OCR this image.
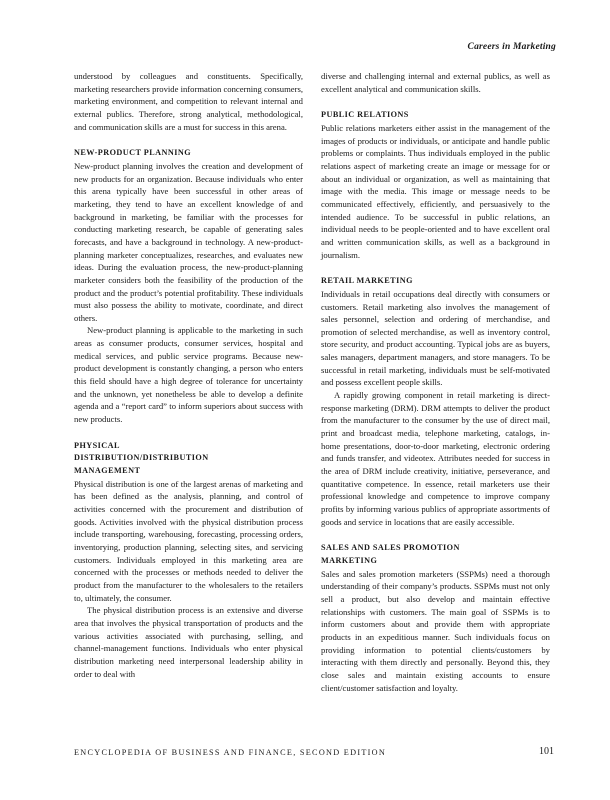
Careers in Marketing

understood by colleagues and constituents. Specifically, marketing researchers provide information concerning consumers, marketing environment, and competition to relevant internal and external publics. Therefore, strong analytical, methodological, and communication skills are a must for success in this arena.

NEW-PRODUCT PLANNING

New-product planning involves the creation and development of new products for an organization. Because individuals who enter this arena typically have been successful in other areas of marketing, they tend to have an excellent knowledge of and background in marketing, be familiar with the processes for conducting marketing research, be capable of generating sales forecasts, and have a background in technology. A new-product-planning marketer conceptualizes, researches, and evaluates new ideas. During the evaluation process, the new-product-planning marketer considers both the feasibility of the production of the product and the product’s potential profitability. These individuals must also possess the ability to motivate, coordinate, and direct others.

New-product planning is applicable to the marketing in such areas as consumer products, consumer services, hospital and medical services, and public service programs. Because new-product development is constantly changing, a person who enters this field should have a high degree of tolerance for uncertainty and the unknown, yet nonetheless be able to develop a definite agenda and a “report card” to inform superiors about success with new products.

PHYSICAL

DISTRIBUTION/DISTRIBUTION

MANAGEMENT

Physical distribution is one of the largest arenas of marketing and has been defined as the analysis, planning, and control of activities concerned with the procurement and distribution of goods. Activities involved with the physical distribution process include transporting, warehousing, forecasting, processing orders, inventorying, production planning, selecting sites, and servicing customers. Individuals employed in this marketing area are concerned with the processes or methods needed to deliver the product from the manufacturer to the wholesalers to the retailers to, ultimately, the consumer.

The physical distribution process is an extensive and diverse area that involves the physical transportation of products and the various activities associated with purchasing, selling, and channel-management functions. Individuals who enter physical distribution marketing need interpersonal leadership ability in order to deal with

diverse and challenging internal and external publics, as well as excellent analytical and communication skills.

PUBLIC RELATIONS

Public relations marketers either assist in the management of the images of products or individuals, or anticipate and handle public problems or complaints. Thus individuals employed in the public relations aspect of marketing create an image or message for or about an individual or organization, as well as maintaining that image with the media. This image or message needs to be communicated effectively, efficiently, and persuasively to the intended audience. To be successful in public relations, an individual needs to be people-oriented and to have excellent oral and written communication skills, as well as a background in journalism.

RETAIL MARKETING

Individuals in retail occupations deal directly with consumers or customers. Retail marketing also involves the management of sales personnel, selection and ordering of merchandise, and promotion of selected merchandise, as well as inventory control, store security, and product accounting. Typical jobs are as buyers, sales managers, department managers, and store managers. To be successful in retail marketing, individuals must be self-motivated and possess excellent people skills.

A rapidly growing component in retail marketing is direct-response marketing (DRM). DRM attempts to deliver the product from the manufacturer to the consumer by the use of direct mail, print and broadcast media, telephone marketing, catalogs, in-home presentations, door-to-door marketing, electronic ordering and funds transfer, and videotex. Attributes needed for success in the area of DRM include creativity, initiative, perseverance, and quantitative competence. In essence, retail marketers use their professional knowledge and competence to improve company profits by informing various publics of appropriate assortments of goods and service in locations that are easily accessible.

SALES AND SALES PROMOTION

MARKETING

Sales and sales promotion marketers (SSPMs) need a thorough understanding of their company’s products. SSPMs must not only sell a product, but also develop and maintain effective relationships with customers. The main goal of SSPMs is to inform customers about and provide them with appropriate products in an expeditious manner. Such individuals focus on providing information to potential clients/customers by interacting with them directly and personally. Beyond this, they close sales and maintain existing accounts to ensure client/customer satisfaction and loyalty.

ENCYCLOPEDIA OF BUSINESS AND FINANCE, SECOND EDITION	101
